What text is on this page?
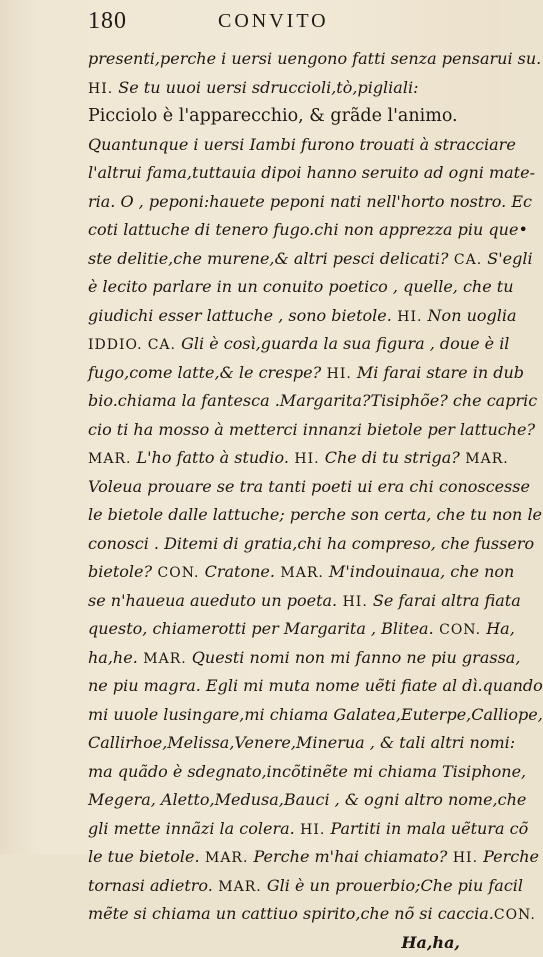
180	CONVITO
presenti,perche i uersi uengono fatti senza pensarui su.
HI. Se tu uuoi uersi sdruccioli,tò,pigliali:
Picciolo è l'apparecchio, & grãde l'animo.
Quantunque i uersi Iambi furono trouati à stracciare
l'altrui fama,tuttauia dipoi hanno seruito ad ogni mate-
ria. O , peponi:hauete peponi nati nell'horto nostro. Ec
coti lattuche di tenero fugo.chi non apprezza piu que•
ste delitie,che murene,& altri pesci delicati? CA. S'egli
è lecito parlare in un conuito poetico , quelle, che tu
giudichi esser lattuche , sono bietole. HI. Non uoglia
IDDIO. CA. Gli è così,guarda la sua figura , doue è il
fugo,come latte,& le crespe? HI. Mi farai stare in dub
bio.chiama la fantesca .Margarita?Tisiphõe? che capric
cio ti ha mosso à metterci innanzi bietole per lattuche?
MAR. L'ho fatto à studio. HI. Che di tu striga? MAR.
Voleua prouare se tra tanti poeti ui era chi conoscesse
le bietole dalle lattuche; perche son certa, che tu non le
conosci . Ditemi di gratia,chi ha compreso, che fussero
bietole? CON. Cratone. MAR. M'indouinaua, che non
se n'haueua aueduto un poeta. HI. Se farai altra fiata
questo, chiamerotti per Margarita , Blitea. CON. Ha,
ha,he. MAR. Questi nomi non mi fanno ne piu grassa,
ne piu magra. Egli mi muta nome uẽti fiate al dì.quando
mi uuole lusingare,mi chiama Galatea,Euterpe,Calliope,
Callirhoe,Melissa,Venere,Minerua , & tali altri nomi:
ma quãdo è sdegnato,incõtinẽte mi chiama Tisiphone,
Megera, Aletto,Medusa,Bauci , & ogni altro nome,che
gli mette innãzi la colera. HI. Partiti in mala uẽtura cõ
le tue bietole. MAR. Perche m'hai chiamato? HI. Perche
tornasi adietro. MAR. Gli è un prouerbio;Che piu facil
mẽte si chiama un cattiuo spirito,che nõ si caccia.CON.
Ha,ha,
